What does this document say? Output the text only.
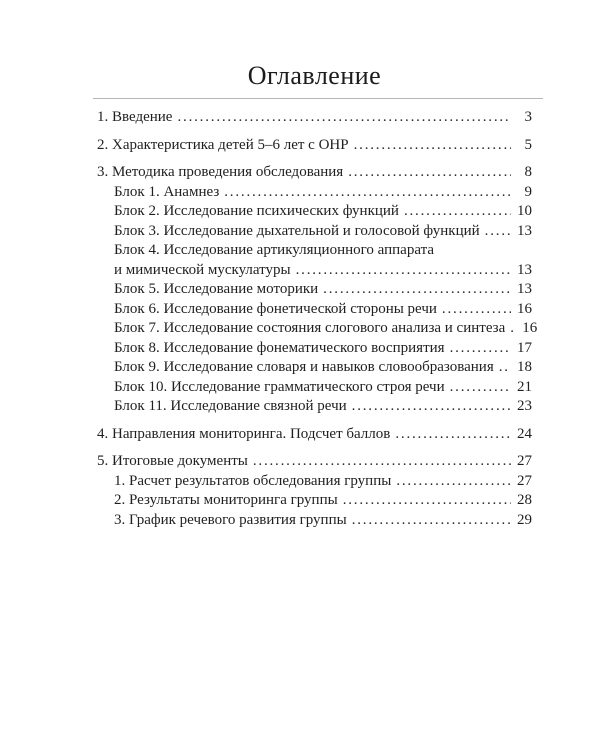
Оглавление
1. Введение .....	3
2. Характеристика детей 5–6 лет с ОНР .....	5
3. Методика проведения обследования .....	8
Блок 1. Анамнез .....	9
Блок 2. Исследование психических функций .....	10
Блок 3. Исследование дыхательной и голосовой функций ..... 13
Блок 4. Исследование артикуляционного аппарата
и мимической мускулатуры .....	13
Блок 5. Исследование моторики .....	13
Блок 6. Исследование фонетической стороны речи .....	16
Блок 7. Исследование состояния слогового анализа и синтеза ..... 16
Блок 8. Исследование фонематического восприятия .....	17
Блок 9. Исследование словаря и навыков словообразования ..... 18
Блок 10. Исследование грамматического строя речи .....	21
Блок 11. Исследование связной речи .....	23
4. Направления мониторинга. Подсчет баллов .....	24
5. Итоговые документы .....	27
1. Расчет результатов обследования группы .....	27
2. Результаты мониторинга группы .....	28
3. График речевого развития группы .....	29
